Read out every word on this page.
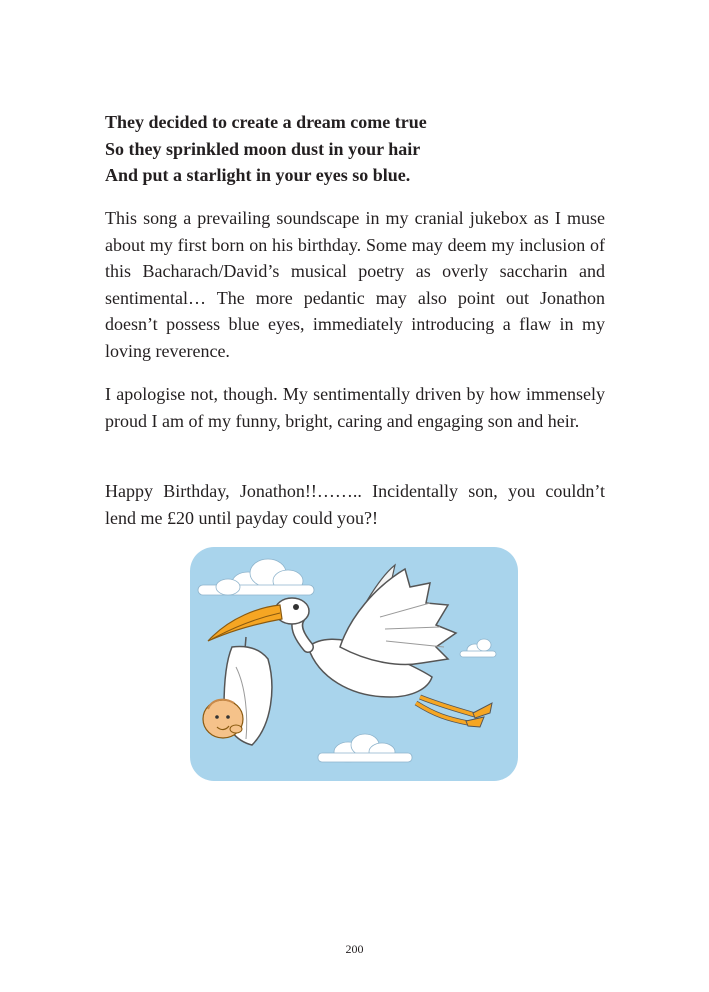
They decided to create a dream come true
So they sprinkled moon dust in your hair
And put a starlight in your eyes so blue.

This song a prevailing soundscape in my cranial jukebox as I muse about my first born on his birthday. Some may deem my inclusion of this Bacharach/David’s musical poetry as overly saccharin and sentimental… The more pedantic may also point out Jonathon doesn’t possess blue eyes, immediately introducing a flaw in my loving reverence.

I apologise not, though. My sentimentally driven by how immensely proud I am of my funny, bright, caring and engaging son and heir.

Happy Birthday, Jonathon!!…….. Incidentally son, you couldn’t lend me £20 until payday could you?!

200
